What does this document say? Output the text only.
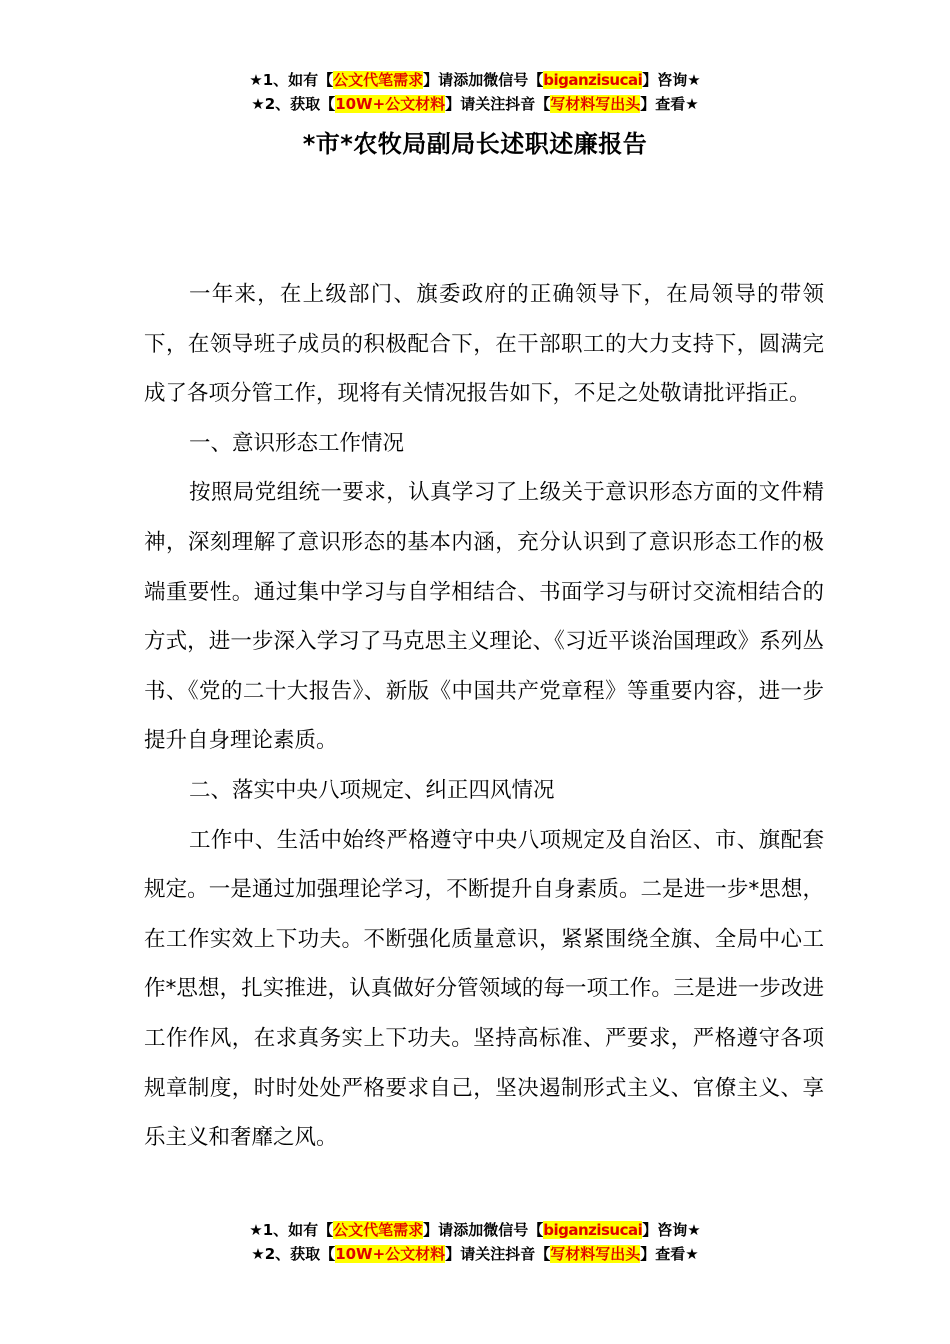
★1、如有【公文代笔需求】请添加微信号【biganzisucai】咨询★
★2、获取【10W+公文材料】请关注抖音【写材料写出头】查看★
*市*农牧局副局长述职述廉报告

一年来，在上级部门、旗委政府的正确领导下，在局领导的带领下，在领导班子成员的积极配合下，在干部职工的大力支持下，圆满完成了各项分管工作，现将有关情况报告如下，不足之处敬请批评指正。

一、意识形态工作情况

按照局党组统一要求，认真学习了上级关于意识形态方面的文件精神，深刻理解了意识形态的基本内涵，充分认识到了意识形态工作的极端重要性。通过集中学习与自学相结合、书面学习与研讨交流相结合的方式，进一步深入学习了马克思主义理论、《习近平谈治国理政》系列丛书、《党的二十大报告》、新版《中国共产党章程》等重要内容，进一步提升自身理论素质。

二、落实中央八项规定、纠正四风情况

工作中、生活中始终严格遵守中央八项规定及自治区、市、旗配套规定。一是通过加强理论学习，不断提升自身素质。二是进一步*思想，在工作实效上下功夫。不断强化质量意识，紧紧围绕全旗、全局中心工作*思想，扎实推进，认真做好分管领域的每一项工作。三是进一步改进工作作风，在求真务实上下功夫。坚持高标准、严要求，严格遵守各项规章制度，时时处处严格要求自己，坚决遏制形式主义、官僚主义、享乐主义和奢靡之风。

★1、如有【公文代笔需求】请添加微信号【biganzisucai】咨询★
★2、获取【10W+公文材料】请关注抖音【写材料写出头】查看★
